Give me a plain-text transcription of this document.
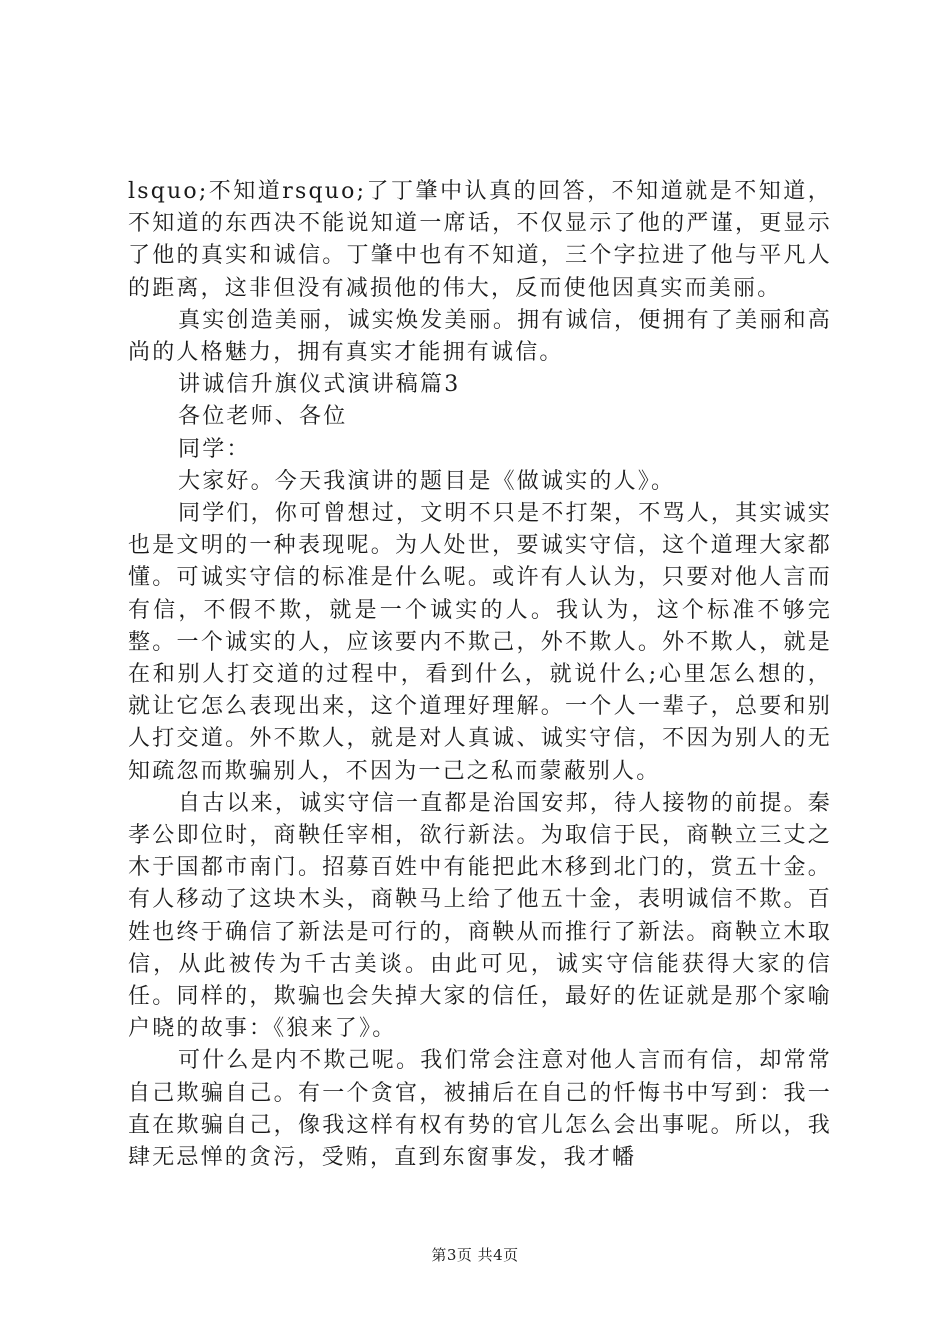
lsquo;不知道rsquo;了丁肇中认真的回答，不知道就是不知道，不知道的东西决不能说知道一席话，不仅显示了他的严谨，更显示了他的真实和诚信。丁肇中也有不知道，三个字拉进了他与平凡人的距离，这非但没有减损他的伟大，反而使他因真实而美丽。

真实创造美丽，诚实焕发美丽。拥有诚信，便拥有了美丽和高尚的人格魅力，拥有真实才能拥有诚信。

讲诚信升旗仪式演讲稿篇3

各位老师、各位

同学：

大家好。今天我演讲的题目是《做诚实的人》。

同学们，你可曾想过，文明不只是不打架，不骂人，其实诚实也是文明的一种表现呢。为人处世，要诚实守信，这个道理大家都懂。可诚实守信的标准是什么呢。或许有人认为，只要对他人言而有信，不假不欺，就是一个诚实的人。我认为，这个标准不够完整。一个诚实的人，应该要内不欺己，外不欺人。外不欺人，就是在和别人打交道的过程中，看到什么，就说什么;心里怎么想的，就让它怎么表现出来，这个道理好理解。一个人一辈子，总要和别人打交道。外不欺人，就是对人真诚、诚实守信，不因为别人的无知疏忽而欺骗别人，不因为一己之私而蒙蔽别人。

自古以来，诚实守信一直都是治国安邦，待人接物的前提。秦孝公即位时，商鞅任宰相，欲行新法。为取信于民，商鞅立三丈之木于国都市南门。招募百姓中有能把此木移到北门的，赏五十金。有人移动了这块木头，商鞅马上给了他五十金，表明诚信不欺。百姓也终于确信了新法是可行的，商鞅从而推行了新法。商鞅立木取信，从此被传为千古美谈。由此可见，诚实守信能获得大家的信任。同样的，欺骗也会失掉大家的信任，最好的佐证就是那个家喻户晓的故事：《狼来了》。

可什么是内不欺己呢。我们常会注意对他人言而有信，却常常自己欺骗自己。有一个贪官，被捕后在自己的忏悔书中写到：我一直在欺骗自己，像我这样有权有势的官儿怎么会出事呢。所以，我肆无忌惮的贪污，受贿，直到东窗事发，我才幡

第3页 共4页
